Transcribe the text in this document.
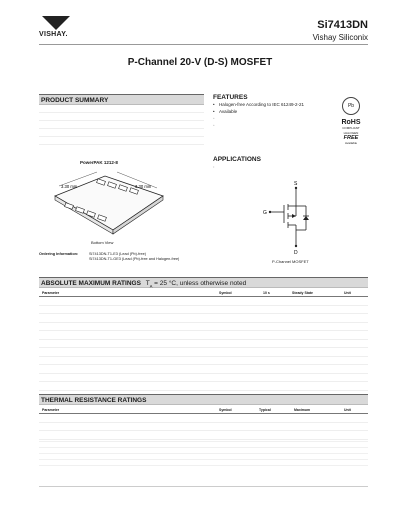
VISHAY.
Si7413DN
Vishay Siliconix
P-Channel 20-V (D-S) MOSFET
PRODUCT SUMMARY	FEATURES
• Halogen-free According to IEC 61249-2-21
• Available
•
•
Pb
RoHS
COMPLIANT
HALOGEN
FREE
Available
PowerPAK 1212-8
3.30 mm	3.30 mm
Bottom View
Ordering Information:	Si7413DN-T1-E3 (Lead (Pb)-free)
Si7413DN-T1-GE3 (Lead (Pb)-free and Halogen-free)
APPLICATIONS
•
S
G
D
P-Channel MOSFET
ABSOLUTE MAXIMUM RATINGS $T_A = 25$ °C, unless otherwise noted
Parameter	Symbol	10 s	Steady State	Unit
THERMAL RESISTANCE RATINGS
Parameter	Symbol	Typical	Maximum	Unit
